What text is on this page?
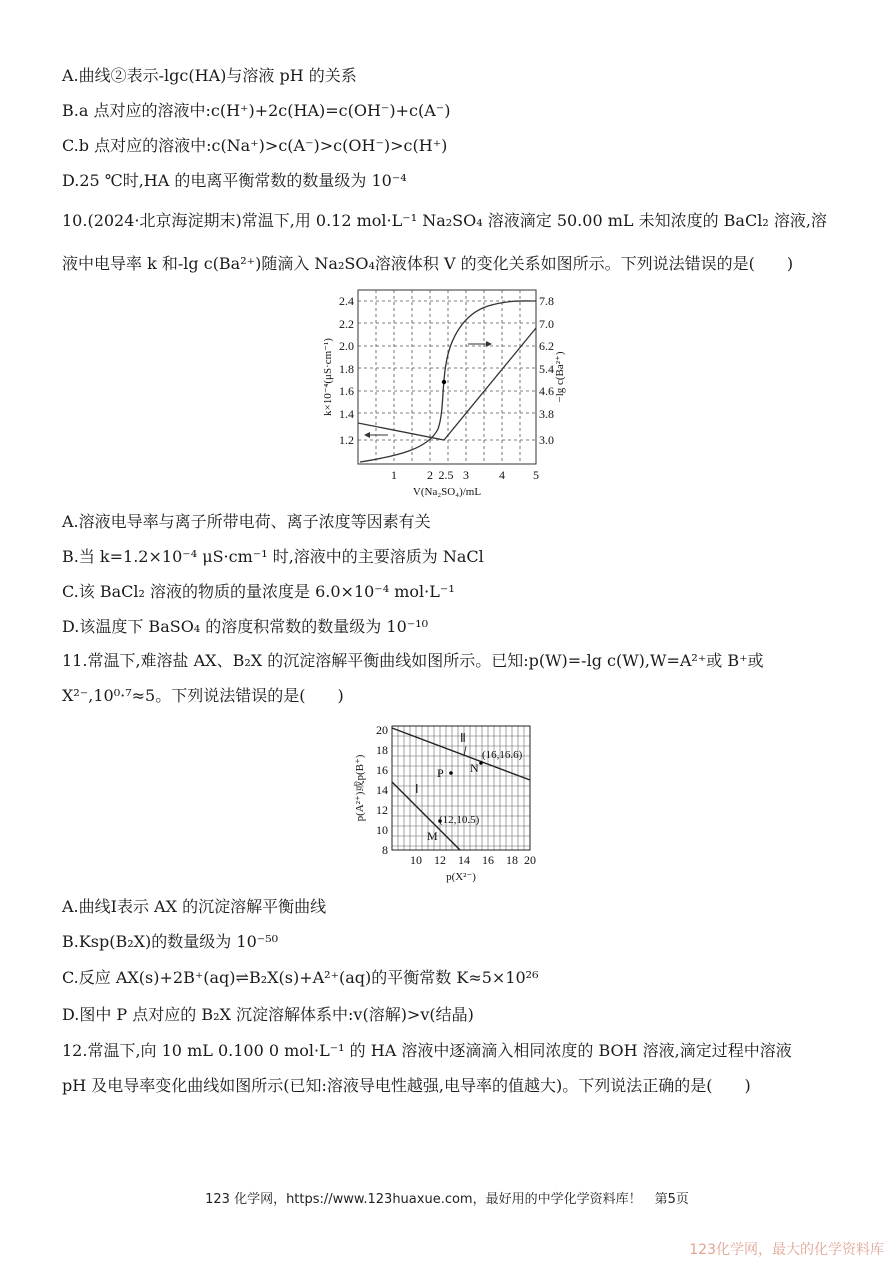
A.曲线②表示-lgc(HA)与溶液 pH 的关系
B.a 点对应的溶液中:c(H⁺)+2c(HA)=c(OH⁻)+c(A⁻)
C.b 点对应的溶液中:c(Na⁺)>c(A⁻)>c(OH⁻)>c(H⁺)
D.25 ℃时,HA 的电离平衡常数的数量级为 10⁻⁴
10.(2024·北京海淀期末)常温下,用 0.12 mol·L⁻¹ Na₂SO₄ 溶液滴定 50.00 mL 未知浓度的 BaCl₂ 溶液,溶
液中电导率 k 和-lg c(Ba²⁺)随滴入 Na₂SO₄溶液体积 V 的变化关系如图所示。下列说法错误的是(　　)
1.2
1.4
1.6
1.8
2.0
2.2
2.4
3.0
3.8
4.6
5.4
6.2
7.0
7.8
1	2 2.5 3	4 5
V(Na₂SO₄)/mL
k×10⁻⁴(μS·cm⁻¹)	−lg c(Ba²⁺)
A.溶液电导率与离子所带电荷、离子浓度等因素有关
B.当 k=1.2×10⁻⁴ μS·cm⁻¹ 时,溶液中的主要溶质为 NaCl
C.该 BaCl₂ 溶液的物质的量浓度是 6.0×10⁻⁴ mol·L⁻¹
D.该温度下 BaSO₄ 的溶度积常数的数量级为 10⁻¹⁰
11.常温下,难溶盐 AX、B₂X 的沉淀溶解平衡曲线如图所示。已知:p(W)=-lg c(W),W=A²⁺或 B⁺或
X²⁻,10⁰·⁷≈5。下列说法错误的是(　　)
P N
M
Ⅰ
Ⅱ
(16,16.6)
(12,10.5)
8
10
12
14
16
18
20
10 12 14 16 18 20
p(X²⁻)
p(A²⁺)或p(B⁺)
A.曲线Ⅰ表示 AX 的沉淀溶解平衡曲线
B.Ksp(B₂X)的数量级为 10⁻⁵⁰
C.反应 AX(s)+2B⁺(aq)⇌B₂X(s)+A²⁺(aq)的平衡常数 K≈5×10²⁶
D.图中 P 点对应的 B₂X 沉淀溶解体系中:v(溶解)>v(结晶)
12.常温下,向 10 mL 0.100 0 mol·L⁻¹ 的 HA 溶液中逐滴滴入相同浓度的 BOH 溶液,滴定过程中溶液
pH 及电导率变化曲线如图所示(已知:溶液导电性越强,电导率的值越大)。下列说法正确的是(　　)
123 化学网，https://www.123huaxue.com，最好用的中学化学资料库！　第5页
123化学网，最大的化学资料库
